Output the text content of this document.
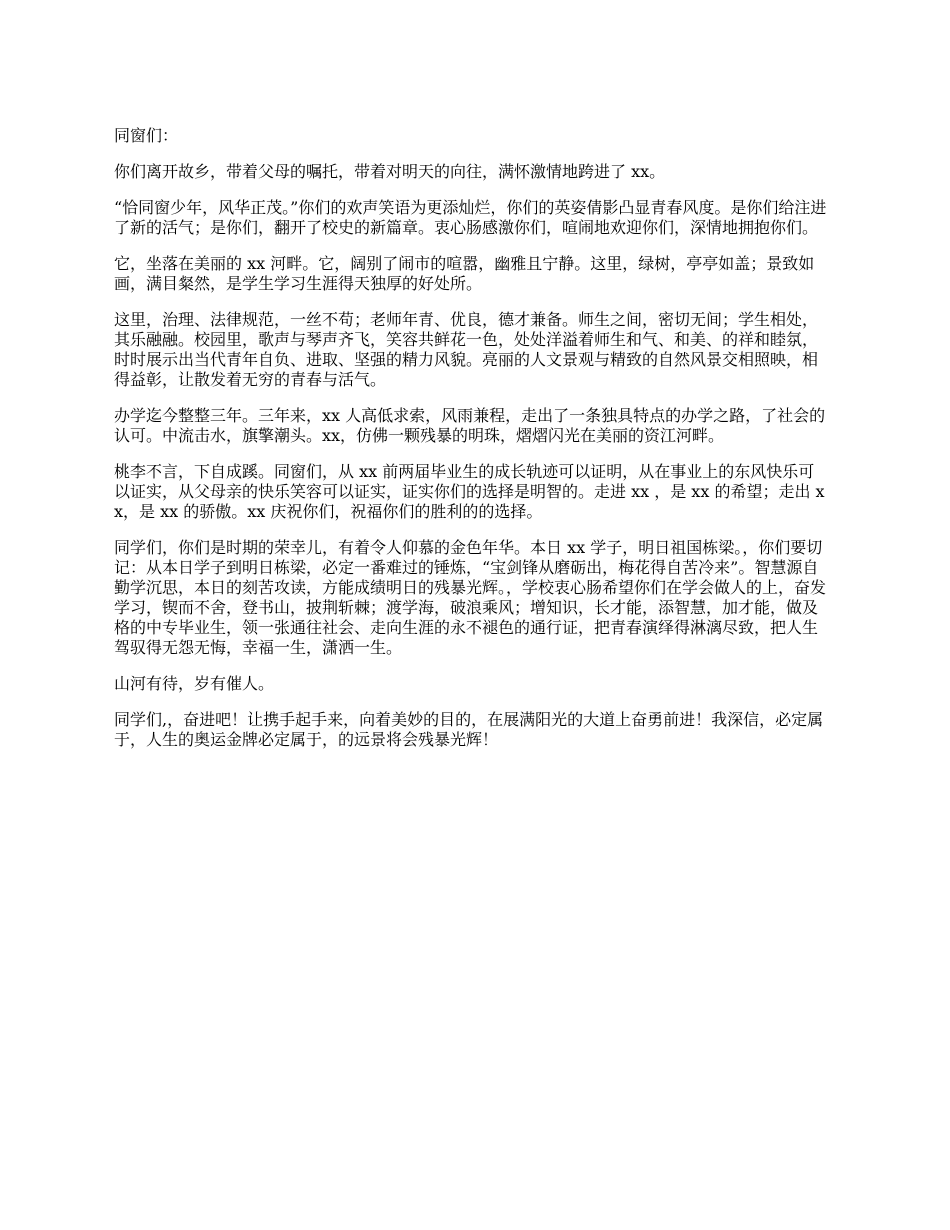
同窗们：

你们离开故乡，带着父母的嘱托，带着对明天的向往，满怀激情地跨进了 xx。

“恰同窗少年，风华正茂。”你们的欢声笑语为更添灿烂，你们的英姿倩影凸显青春风度。是你们给注进了新的活气；是你们，翻开了校史的新篇章。衷心肠感激你们，喧闹地欢迎你们，深情地拥抱你们。

它，坐落在美丽的 xx 河畔。它，阔别了闹市的喧嚣，幽雅且宁静。这里，绿树，亭亭如盖；景致如画，满目粲然，是学生学习生涯得天独厚的好处所。

这里，治理、法律规范，一丝不苟；老师年青、优良，德才兼备。师生之间，密切无间；学生相处，其乐融融。校园里，歌声与琴声齐飞，笑容共鲜花一色，处处洋溢着师生和气、和美、的祥和睦氛，时时展示出当代青年自负、进取、坚强的精力风貌。亮丽的人文景观与精致的自然风景交相照映，相得益彰，让散发着无穷的青春与活气。

办学迄今整整三年。三年来，xx 人高低求索，风雨兼程，走出了一条独具特点的办学之路，了社会的认可。中流击水，旗擎潮头。xx，仿佛一颗残暴的明珠，熠熠闪光在美丽的资江河畔。

桃李不言，下自成蹊。同窗们，从 xx 前两届毕业生的成长轨迹可以证明，从在事业上的东风快乐可以证实，从父母亲的快乐笑容可以证实，证实你们的选择是明智的。走进 xx ，是 xx 的希望；走出 xx，是 xx 的骄傲。xx 庆祝你们，祝福你们的胜利的的选择。

同学们，你们是时期的荣幸儿，有着令人仰慕的金色年华。本日 xx 学子，明日祖国栋梁。，你们要切记：从本日学子到明日栋梁，必定一番难过的锤炼，“宝剑锋从磨砺出，梅花得自苦冷来”。智慧源自勤学沉思，本日的刻苦攻读，方能成绩明日的残暴光辉。，学校衷心肠希望你们在学会做人的上，奋发学习，锲而不舍，登书山，披荆斩棘；渡学海，破浪乘风；增知识，长才能，添智慧，加才能，做及格的中专毕业生，领一张通往社会、走向生涯的永不褪色的通行证，把青春演绎得淋漓尽致，把人生驾驭得无怨无悔，幸福一生，潇洒一生。

山河有待，岁有催人。

同学们,，奋进吧！让携手起手来，向着美妙的目的，在展满阳光的大道上奋勇前进！我深信，必定属于，人生的奥运金牌必定属于，的远景将会残暴光辉！
